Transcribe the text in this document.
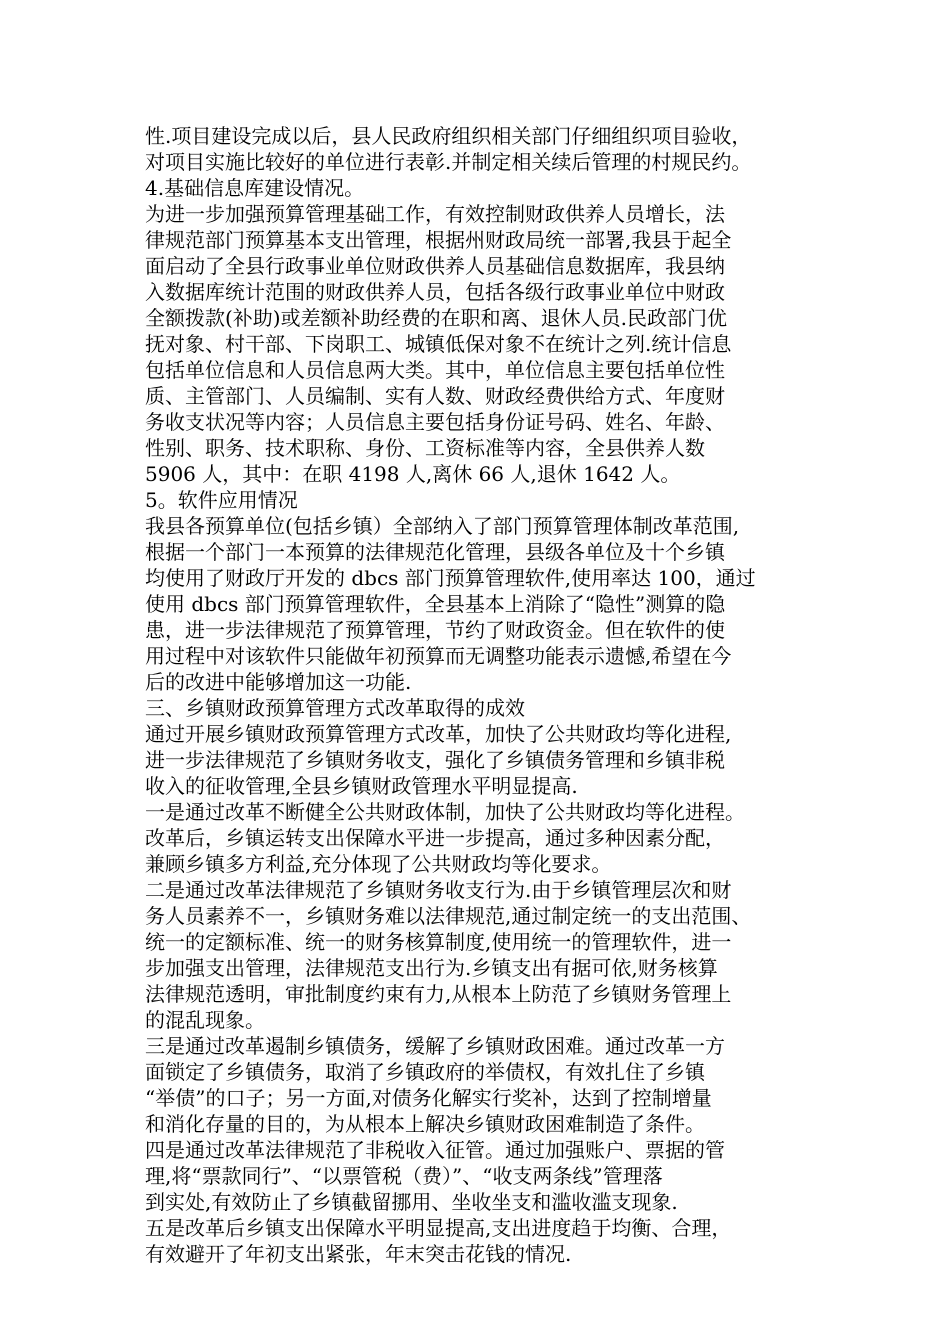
性.项目建设完成以后，县人民政府组织相关部门仔细组织项目验收，
对项目实施比较好的单位进行表彰.并制定相关续后管理的村规民约。
4.基础信息库建设情况。
为进一步加强预算管理基础工作，有效控制财政供养人员增长，法
律规范部门预算基本支出管理，根据州财政局统一部署,我县于起全
面启动了全县行政事业单位财政供养人员基础信息数据库，我县纳
入数据库统计范围的财政供养人员，包括各级行政事业单位中财政
全额拨款(补助)或差额补助经费的在职和离、退休人员.民政部门优
抚对象、村干部、下岗职工、城镇低保对象不在统计之列.统计信息
包括单位信息和人员信息两大类。其中，单位信息主要包括单位性
质、主管部门、人员编制、实有人数、财政经费供给方式、年度财
务收支状况等内容；人员信息主要包括身份证号码、姓名、年龄、
性别、职务、技术职称、身份、工资标准等内容，全县供养人数
5906 人，其中：在职 4198 人,离休 66 人,退休 1642 人。
5。软件应用情况
我县各预算单位(包括乡镇）全部纳入了部门预算管理体制改革范围,
根据一个部门一本预算的法律规范化管理，县级各单位及十个乡镇
均使用了财政厅开发的 dbcs 部门预算管理软件,使用率达 100，通过
使用 dbcs 部门预算管理软件，全县基本上消除了“隐性”测算的隐
患，进一步法律规范了预算管理，节约了财政资金。但在软件的使
用过程中对该软件只能做年初预算而无调整功能表示遗憾,希望在今
后的改进中能够增加这一功能.
三、乡镇财政预算管理方式改革取得的成效
通过开展乡镇财政预算管理方式改革，加快了公共财政均等化进程,
进一步法律规范了乡镇财务收支，强化了乡镇债务管理和乡镇非税
收入的征收管理,全县乡镇财政管理水平明显提高.
一是通过改革不断健全公共财政体制，加快了公共财政均等化进程。
改革后，乡镇运转支出保障水平进一步提高，通过多种因素分配，
兼顾乡镇多方利益,充分体现了公共财政均等化要求。
二是通过改革法律规范了乡镇财务收支行为.由于乡镇管理层次和财
务人员素养不一，乡镇财务难以法律规范,通过制定统一的支出范围、
统一的定额标准、统一的财务核算制度,使用统一的管理软件，进一
步加强支出管理，法律规范支出行为.乡镇支出有据可依,财务核算
法律规范透明，审批制度约束有力,从根本上防范了乡镇财务管理上
的混乱现象。
三是通过改革遏制乡镇债务，缓解了乡镇财政困难。通过改革一方
面锁定了乡镇债务，取消了乡镇政府的举债权，有效扎住了乡镇
“举债”的口子；另一方面,对债务化解实行奖补，达到了控制增量
和消化存量的目的，为从根本上解决乡镇财政困难制造了条件。
四是通过改革法律规范了非税收入征管。通过加强账户、票据的管
理,将“票款同行”、“以票管税（费）”、“收支两条线”管理落
到实处,有效防止了乡镇截留挪用、坐收坐支和滥收滥支现象.
五是改革后乡镇支出保障水平明显提高,支出进度趋于均衡、合理，
有效避开了年初支出紧张，年末突击花钱的情况.
